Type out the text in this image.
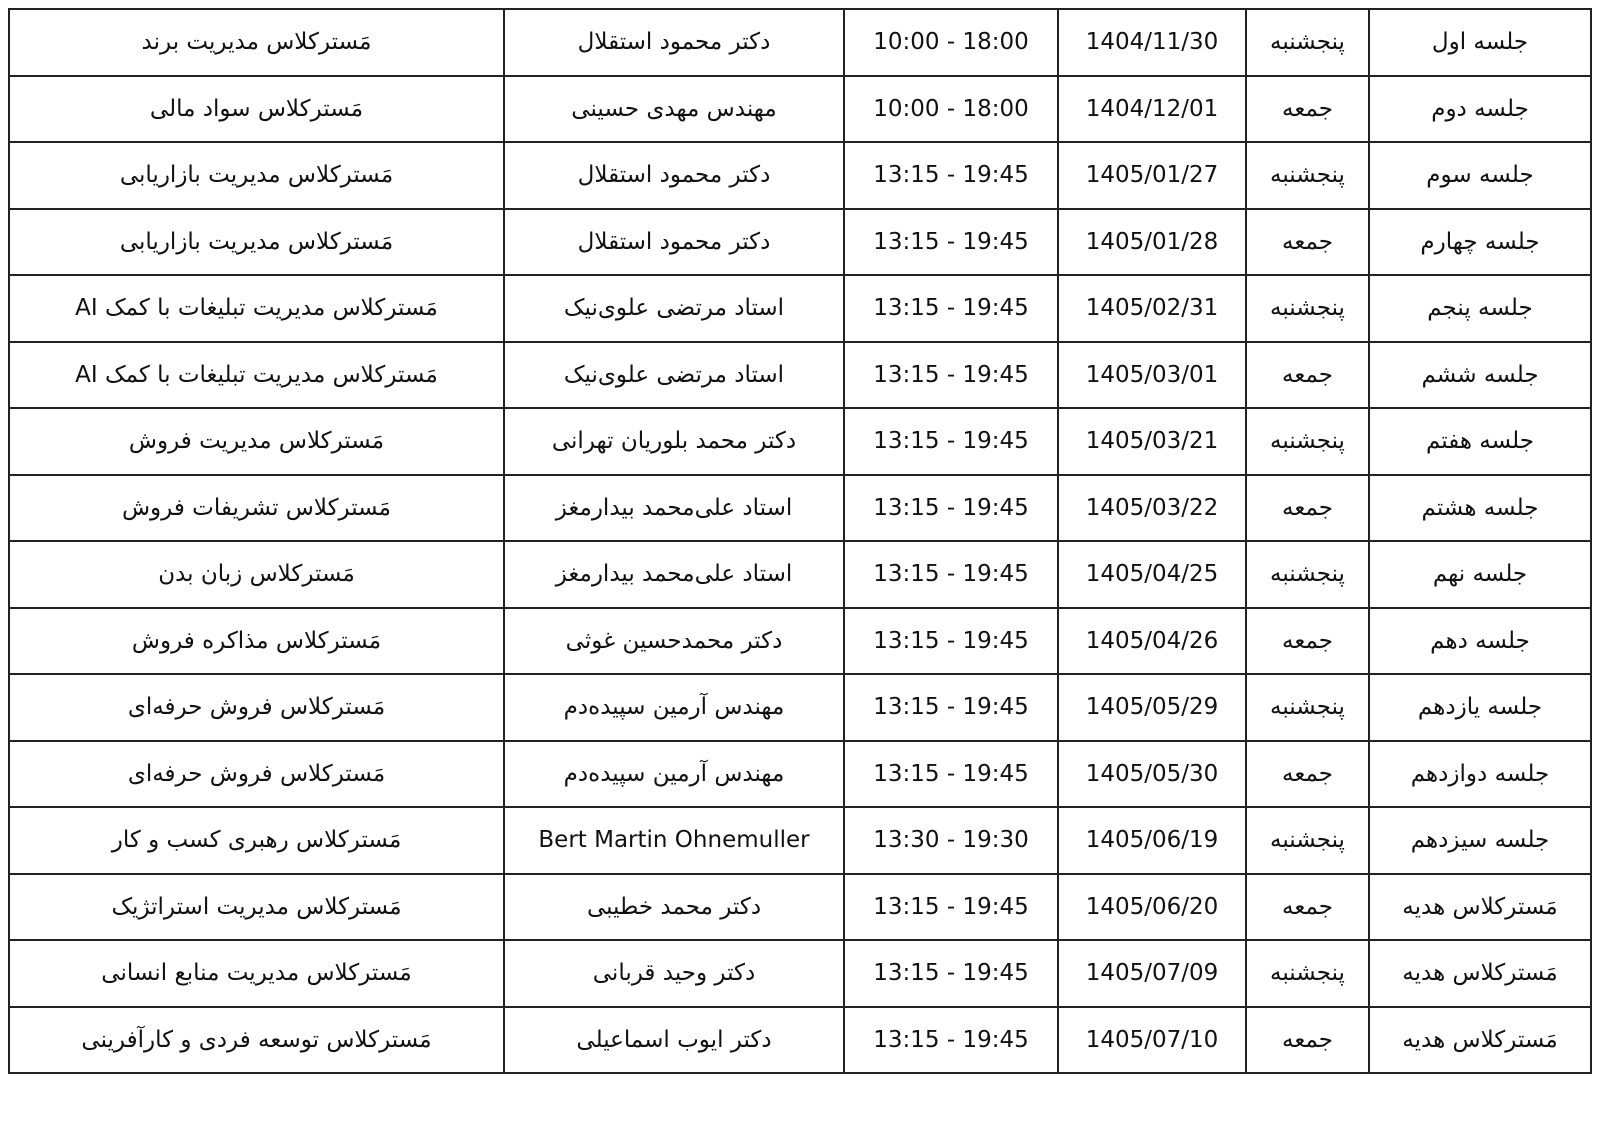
جلسه اول	پنجشنبه	1404/11/30	10:00 - 18:00	دکتر محمود استقلال	مَسترکلاس مدیریت برند
جلسه دوم	جمعه	1404/12/01	10:00 - 18:00	مهندس مهدی حسینی	مَسترکلاس سواد مالی
جلسه سوم	پنجشنبه	1405/01/27	13:15 - 19:45	دکتر محمود استقلال	مَسترکلاس مدیریت بازاریابی
جلسه چهارم	جمعه	1405/01/28	13:15 - 19:45	دکتر محمود استقلال	مَسترکلاس مدیریت بازاریابی
جلسه پنجم	پنجشنبه	1405/02/31	13:15 - 19:45	استاد مرتضی علوی‌نیک	مَسترکلاس مدیریت تبلیغات با کمک AI
جلسه ششم	جمعه	1405/03/01	13:15 - 19:45	استاد مرتضی علوی‌نیک	مَسترکلاس مدیریت تبلیغات با کمک AI
جلسه هفتم	پنجشنبه	1405/03/21	13:15 - 19:45	دکتر محمد بلوریان تهرانی	مَسترکلاس مدیریت فروش
جلسه هشتم	جمعه	1405/03/22	13:15 - 19:45	استاد علی‌محمد بیدارمغز	مَسترکلاس تشریفات فروش
جلسه نهم	پنجشنبه	1405/04/25	13:15 - 19:45	استاد علی‌محمد بیدارمغز	مَسترکلاس زبان بدن
جلسه دهم	جمعه	1405/04/26	13:15 - 19:45	دکتر محمدحسین غوثی	مَسترکلاس مذاکره فروش
جلسه یازدهم	پنجشنبه	1405/05/29	13:15 - 19:45	مهندس آرمین سپیده‌دم	مَسترکلاس فروش حرفه‌ای
جلسه دوازدهم	جمعه	1405/05/30	13:15 - 19:45	مهندس آرمین سپیده‌دم	مَسترکلاس فروش حرفه‌ای
جلسه سیزدهم	پنجشنبه	1405/06/19	13:30 - 19:30	Bert Martin Ohnemuller	مَسترکلاس رهبری کسب و کار
مَسترکلاس هدیه	جمعه	1405/06/20	13:15 - 19:45	دکتر محمد خطیبی	مَسترکلاس مدیریت استراتژیک
مَسترکلاس هدیه	پنجشنبه	1405/07/09	13:15 - 19:45	دکتر وحید قربانی	مَسترکلاس مدیریت منابع انسانی
مَسترکلاس هدیه	جمعه	1405/07/10	13:15 - 19:45	دکتر ایوب اسماعیلی	مَسترکلاس توسعه فردی و کارآفرینی
